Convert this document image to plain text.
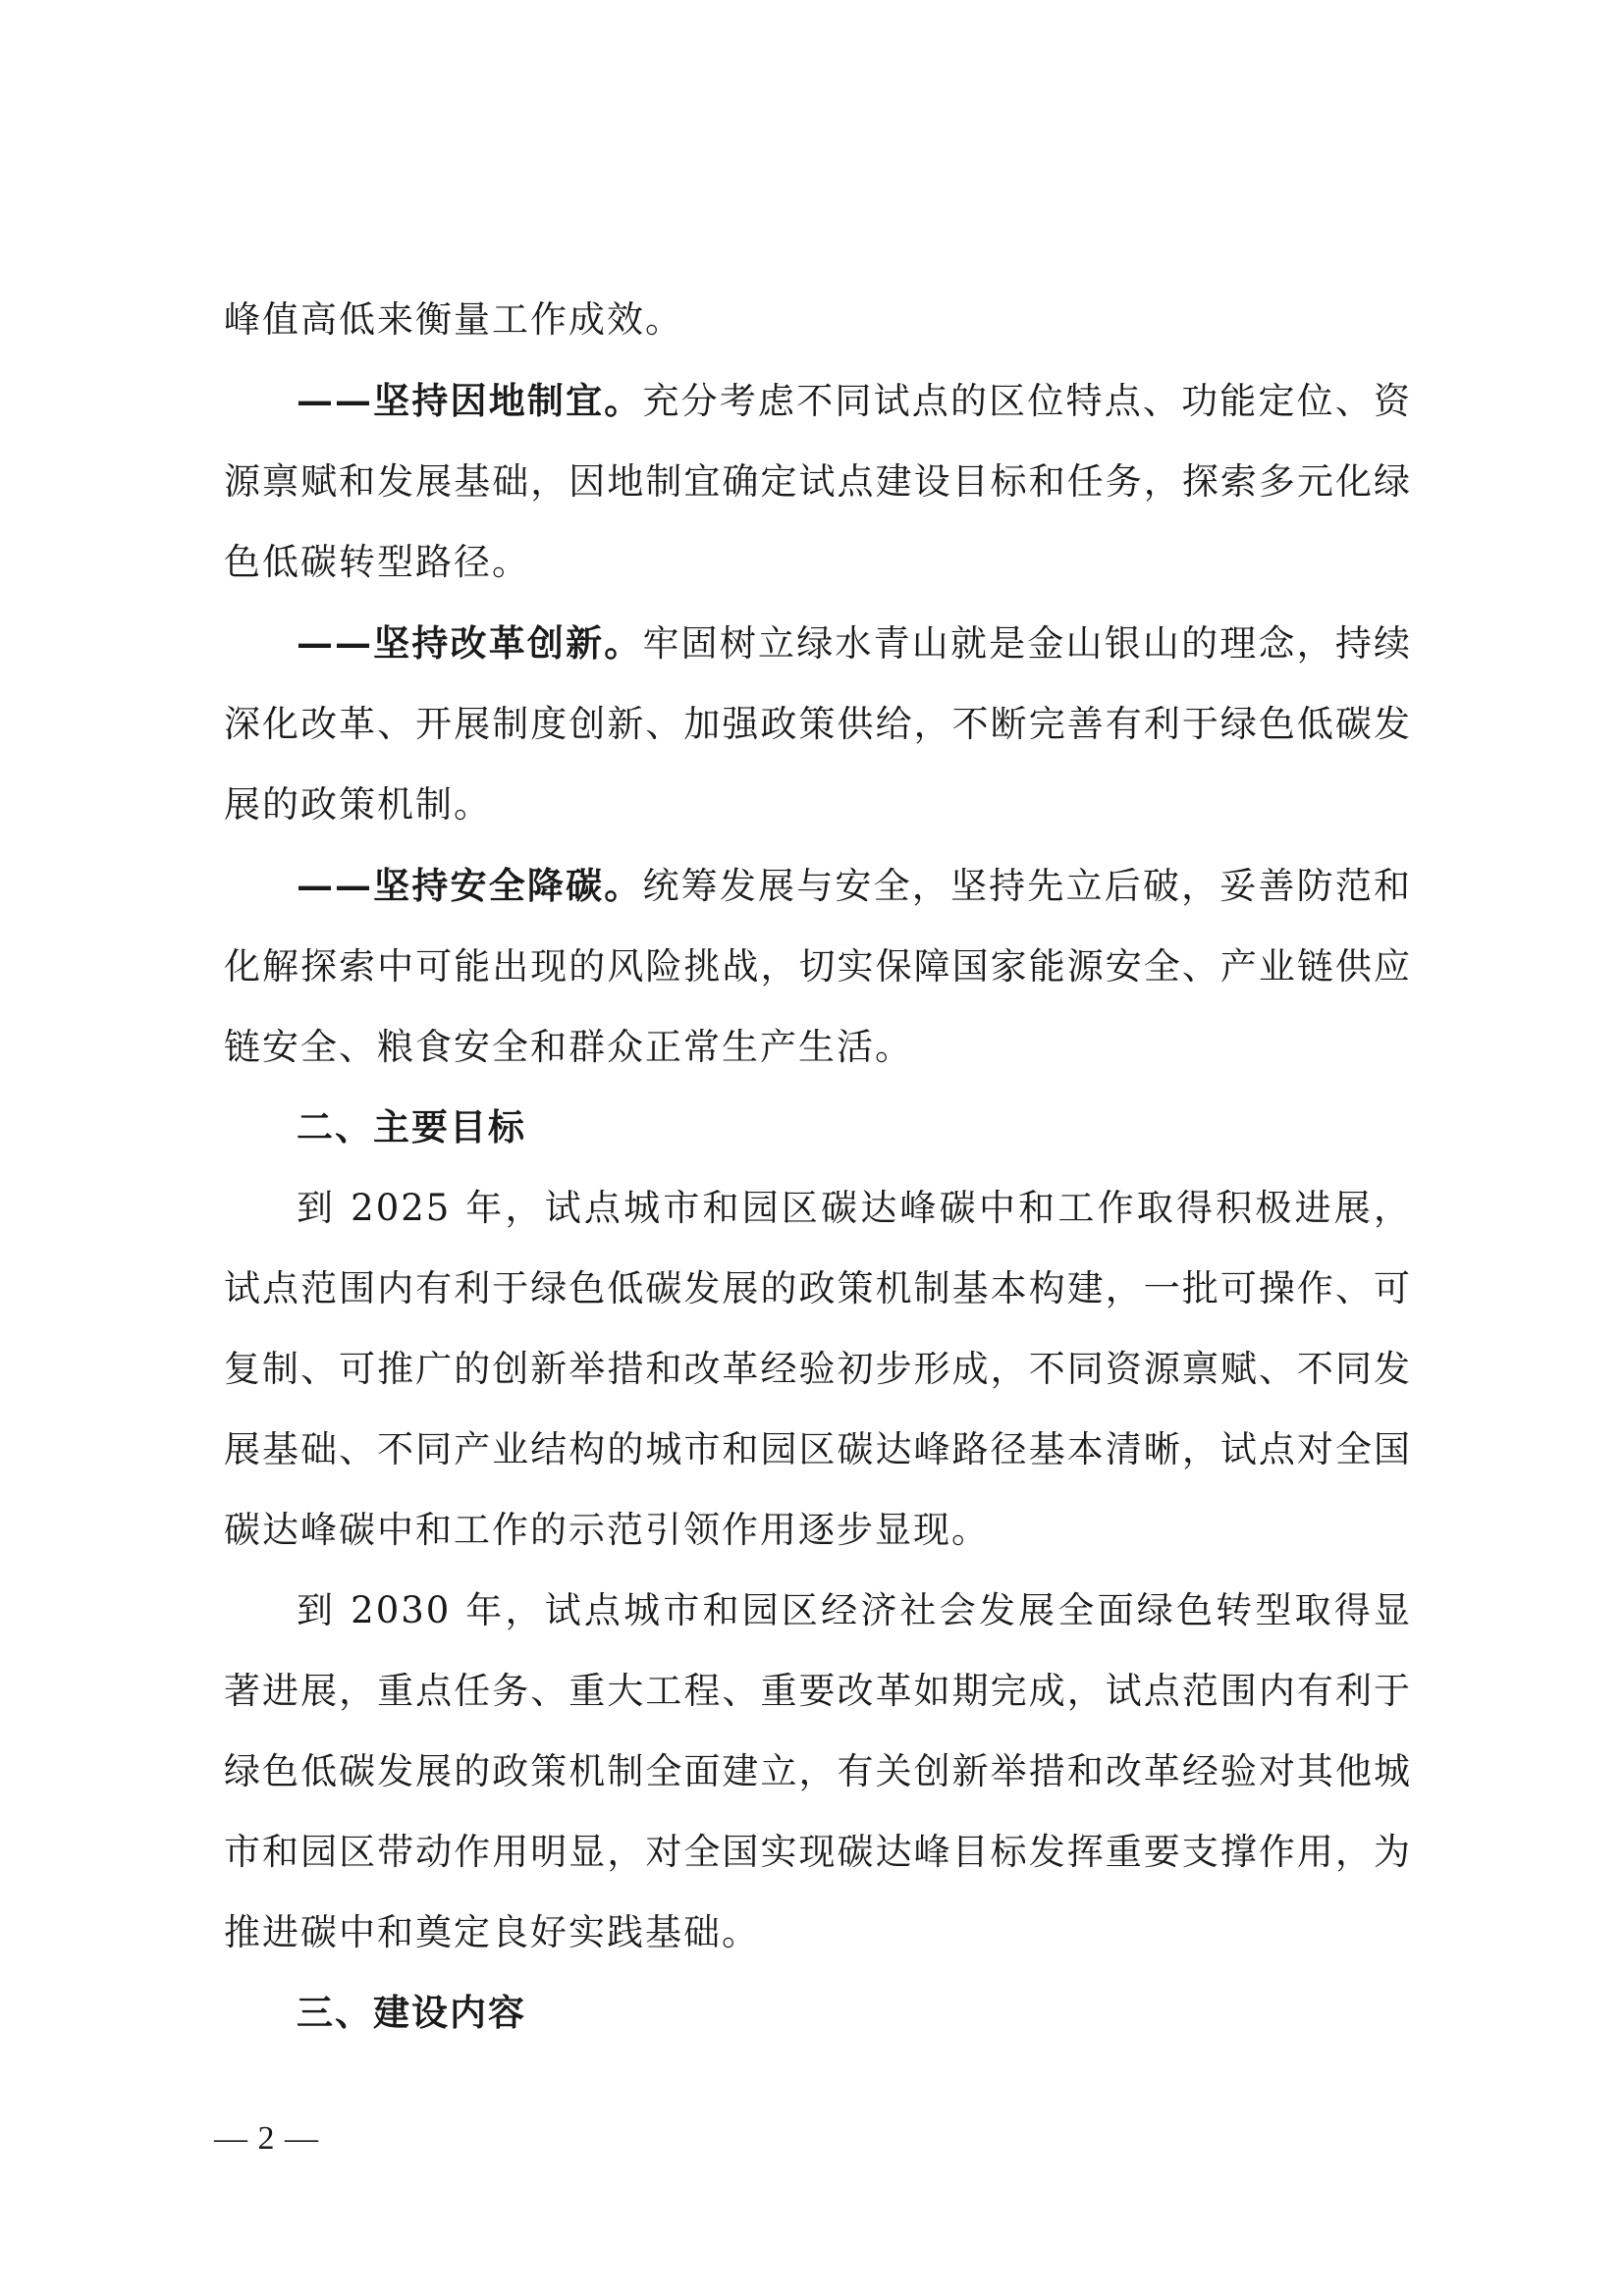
峰值高低来衡量工作成效。

——坚持因地制宜。充分考虑不同试点的区位特点、功能定位、资源禀赋和发展基础，因地制宜确定试点建设目标和任务，探索多元化绿色低碳转型路径。

——坚持改革创新。牢固树立绿水青山就是金山银山的理念，持续深化改革、开展制度创新、加强政策供给，不断完善有利于绿色低碳发展的政策机制。

——坚持安全降碳。统筹发展与安全，坚持先立后破，妥善防范和化解探索中可能出现的风险挑战，切实保障国家能源安全、产业链供应链安全、粮食安全和群众正常生产生活。

二、主要目标

到 2025 年，试点城市和园区碳达峰碳中和工作取得积极进展，试点范围内有利于绿色低碳发展的政策机制基本构建，一批可操作、可复制、可推广的创新举措和改革经验初步形成，不同资源禀赋、不同发展基础、不同产业结构的城市和园区碳达峰路径基本清晰，试点对全国碳达峰碳中和工作的示范引领作用逐步显现。

到 2030 年，试点城市和园区经济社会发展全面绿色转型取得显著进展，重点任务、重大工程、重要改革如期完成，试点范围内有利于绿色低碳发展的政策机制全面建立，有关创新举措和改革经验对其他城市和园区带动作用明显，对全国实现碳达峰目标发挥重要支撑作用，为推进碳中和奠定良好实践基础。

三、建设内容

— 2 —
